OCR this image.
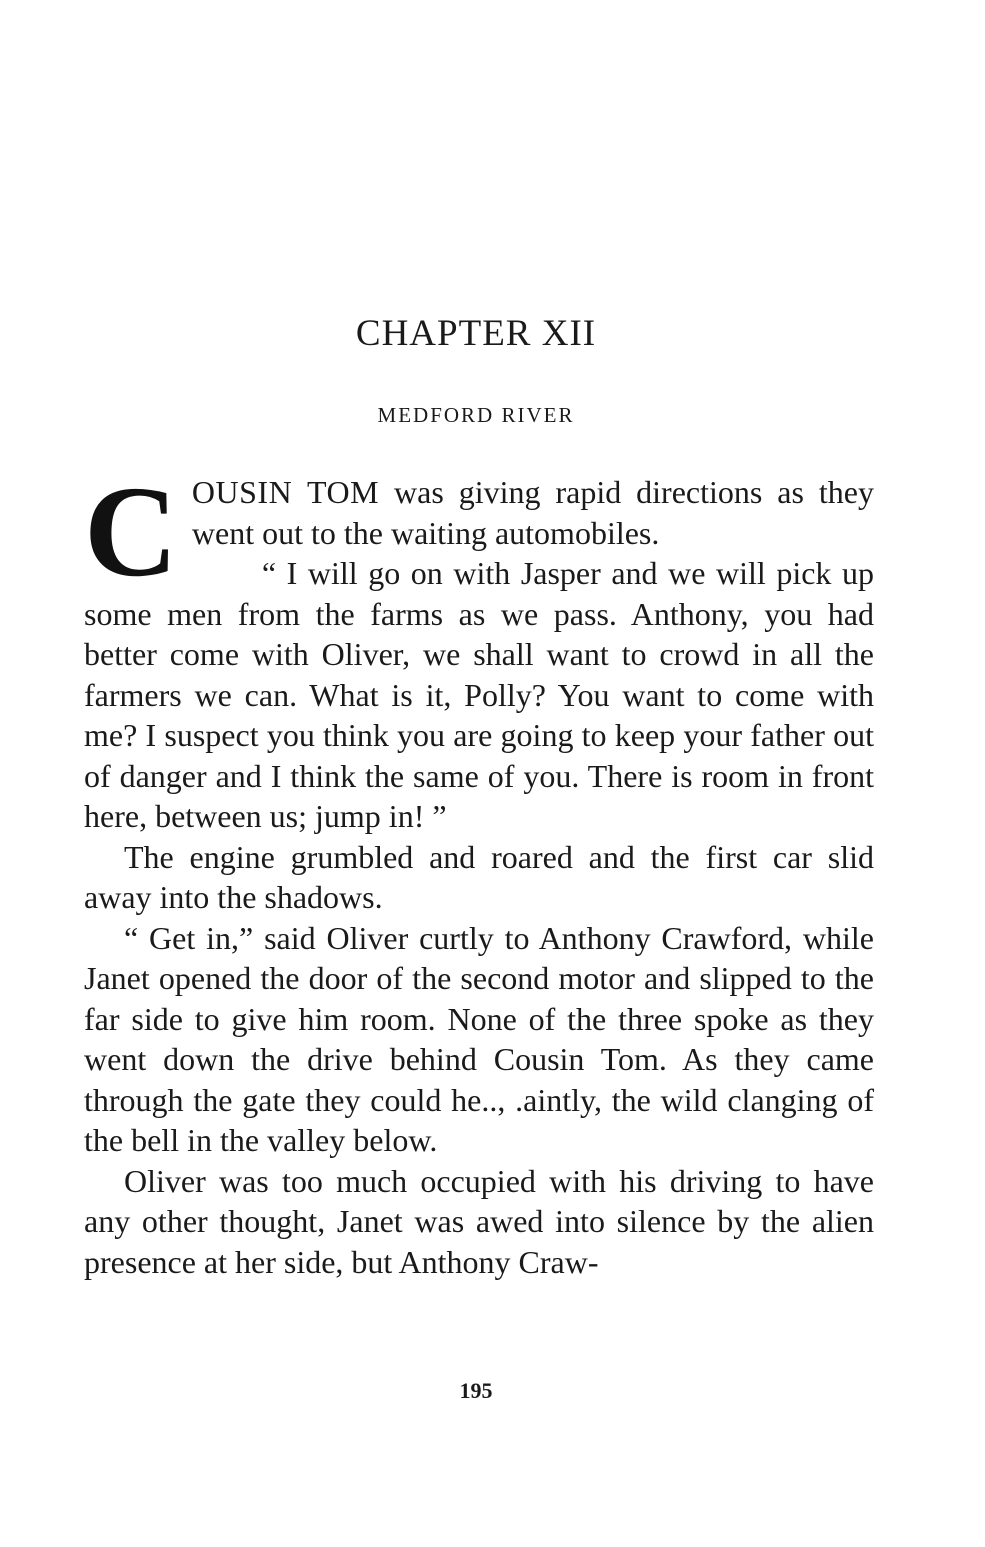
CHAPTER XII
MEDFORD RIVER

COUSIN TOM was giving rapid directions as they went out to the waiting automobiles.
“ I will go on with Jasper and we will pick up some men from the farms as we pass. Anthony, you had better come with Oliver, we shall want to crowd in all the farmers we can. What is it, Polly? You want to come with me? I suspect you think you are going to keep your father out of danger and I think the same of you. There is room in front here, between us; jump in! ”

The engine grumbled and roared and the first car slid away into the shadows.

“ Get in,” said Oliver curtly to Anthony Crawford, while Janet opened the door of the second motor and slipped to the far side to give him room. None of the three spoke as they went down the drive behind Cousin Tom. As they came through the gate they could he.., .aintly, the wild clanging of the bell in the valley below.

Oliver was too much occupied with his driving to have any other thought, Janet was awed into silence by the alien presence at her side, but Anthony Craw-

195
